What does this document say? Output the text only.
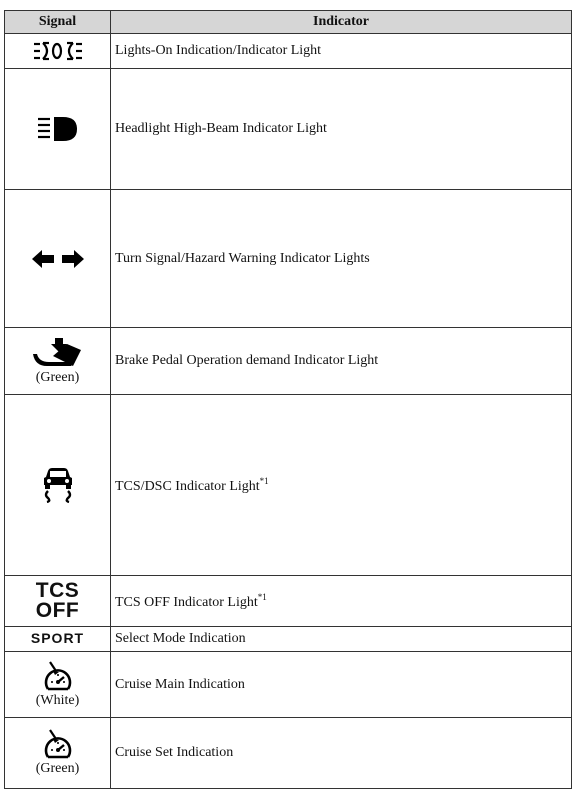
Signal	Indicator
	Lights-On Indication/Indicator Light
	Headlight High-Beam Indicator Light
	Turn Signal/Hazard Warning Indicator Lights

(Green)	Brake Pedal Operation demand Indicator Light
	TCS/DSC Indicator Light$^{*1}$

TCS
OFF	TCS OFF Indicator Light$^{*1}$
SPORT	Select Mode Indication

(White)	Cruise Main Indication

(Green)	Cruise Set Indication
